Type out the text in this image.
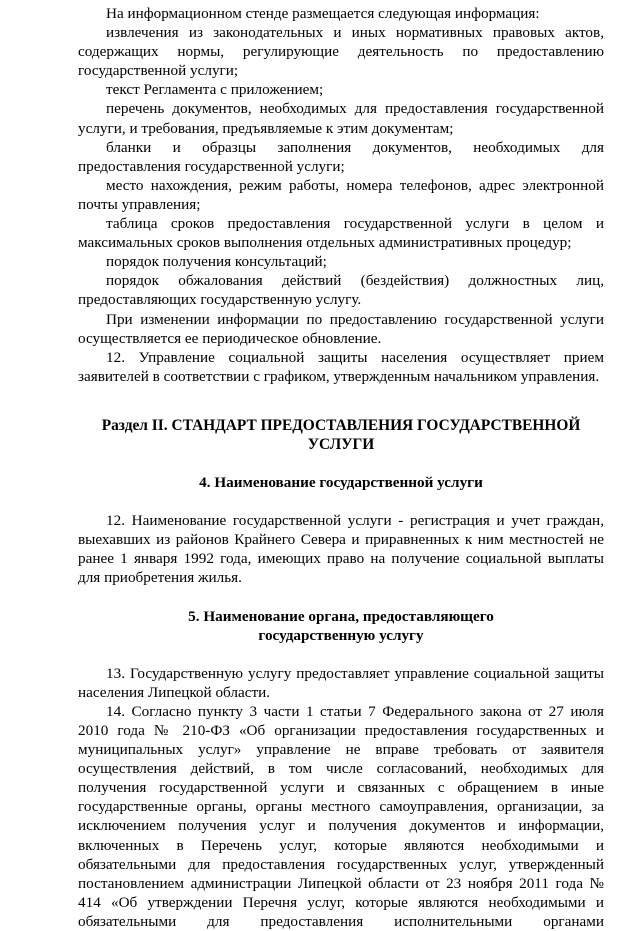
На информационном стенде размещается следующая информация:

извлечения из законодательных и иных нормативных правовых актов, содержащих нормы, регулирующие деятельность по предоставлению государственной услуги;

текст Регламента с приложением;

перечень документов, необходимых для предоставления государственной услуги, и требования, предъявляемые к этим документам;

бланки и образцы заполнения документов, необходимых для предоставления государственной услуги;

место нахождения, режим работы, номера телефонов, адрес электронной почты управления;

таблица сроков предоставления государственной услуги в целом и максимальных сроков выполнения отдельных административных процедур;

порядок получения консультаций;

порядок обжалования действий (бездействия) должностных лиц, предоставляющих государственную услугу.

При изменении информации по предоставлению государственной услуги осуществляется ее периодическое обновление.

12. Управление социальной защиты населения осуществляет прием заявителей в соответствии с графиком, утвержденным начальником управления.

Раздел II. СТАНДАРТ ПРЕДОСТАВЛЕНИЯ ГОСУДАРСТВЕННОЙ
УСЛУГИ
4. Наименование государственной услуги

12. Наименование государственной услуги - регистрация и учет граждан, выехавших из районов Крайнего Севера и приравненных к ним местностей не ранее 1 января 1992 года, имеющих право на получение социальной выплаты для приобретения жилья.

5. Наименование органа, предоставляющего
государственную услугу

13. Государственную услугу предоставляет управление социальной защиты населения Липецкой области.

14. Согласно пункту 3 части 1 статьи 7 Федерального закона от 27 июля 2010 года № 210-ФЗ «Об организации предоставления государственных и муниципальных услуг» управление не вправе требовать от заявителя осуществления действий, в том числе согласований, необходимых для получения государственной услуги и связанных с обращением в иные государственные органы, органы местного самоуправления, организации, за исключением получения услуг и получения документов и информации, включенных в Перечень услуг, которые являются необходимыми и обязательными для предоставления государственных услуг, утвержденный постановлением администрации Липецкой области от 23 ноября 2011 года № 414 «Об утверждении Перечня услуг, которые являются необходимыми и обязательными для предоставления исполнительными органами
